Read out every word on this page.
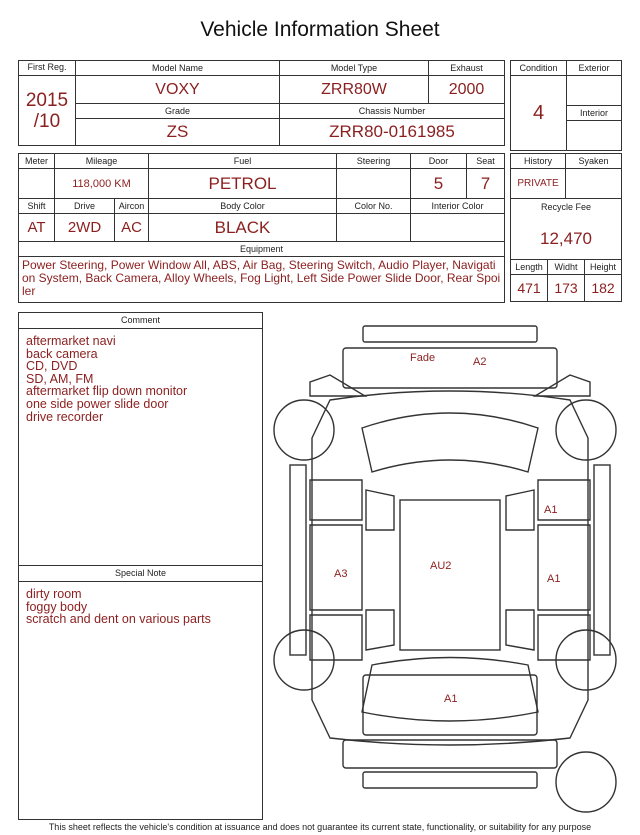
Vehicle Information Sheet
First Reg.
2015
/10	Model Name	Model Type	Exhaust
	VOXY	ZRR80W	2000
	Grade	Chassis Number	
	ZS	ZRR80-0161985	
Condition	Exterior
4	
	Interior

Meter	Mileage		Fuel	Steering	Door	Seat
	118,000 KM		PETROL		5	7
Shift	Drive	Aircon	Body Color	Color No.	Interior Color	
AT	2WD	AC	BLACK			
Equipment						
Power Steering, Power Window All, ABS, Air Bag, Steering Switch, Audio Player, Navigation System, Back Camera, Alloy Wheels, Fog Light, Left Side Power Slide Door, Rear Spoiler						
History		Syaken	
PRIVATE			

Recycle Fee
12,470			

Length	Widht		Height
471	173		182
Comment
aftermarket navi
back camera
CD, DVD
SD, AM, FM
aftermarket flip down monitor
one side power slide door
drive recorder
Special Note
dirty room
foggy body
scratch and dent on various parts
Fade	A2
AU2
A3
A1
A1
A1
This sheet reflects the vehicle's condition at issuance and does not guarantee its current state, functionality, or suitability for any purpose
